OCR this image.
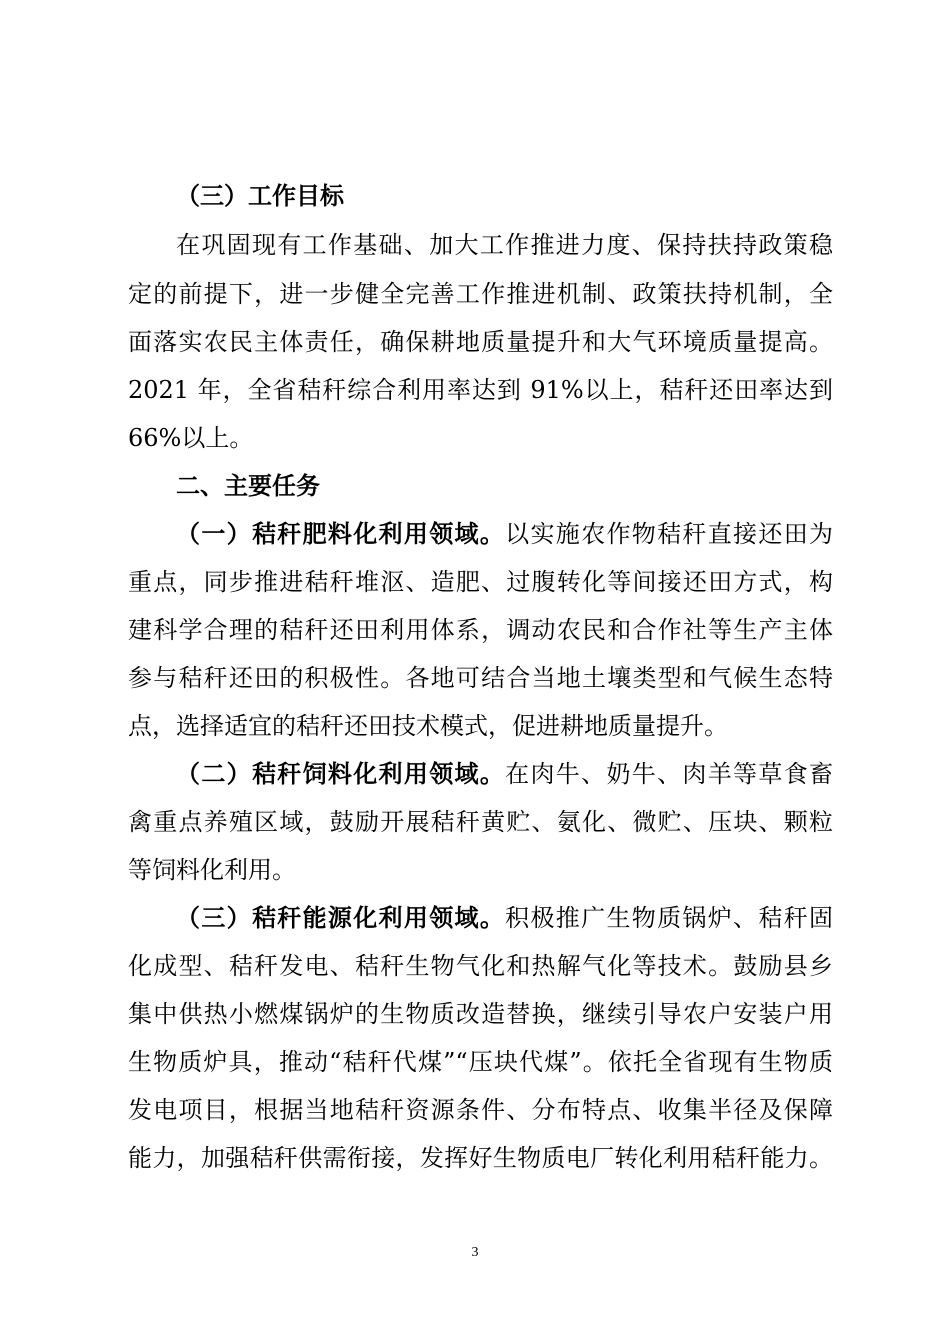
（三）工作目标
在巩固现有工作基础、加大工作推进力度、保持扶持政策稳
定的前提下，进一步健全完善工作推进机制、政策扶持机制，全
面落实农民主体责任，确保耕地质量提升和大气环境质量提高。
2021 年，全省秸秆综合利用率达到 91%以上，秸秆还田率达到
66%以上。
二、主要任务
（一）秸秆肥料化利用领域。以实施农作物秸秆直接还田为
重点，同步推进秸秆堆沤、造肥、过腹转化等间接还田方式，构
建科学合理的秸秆还田利用体系，调动农民和合作社等生产主体
参与秸秆还田的积极性。各地可结合当地土壤类型和气候生态特
点，选择适宜的秸秆还田技术模式，促进耕地质量提升。
（二）秸秆饲料化利用领域。在肉牛、奶牛、肉羊等草食畜
禽重点养殖区域，鼓励开展秸秆黄贮、氨化、微贮、压块、颗粒
等饲料化利用。
（三）秸秆能源化利用领域。积极推广生物质锅炉、秸秆固
化成型、秸秆发电、秸秆生物气化和热解气化等技术。鼓励县乡
集中供热小燃煤锅炉的生物质改造替换，继续引导农户安装户用
生物质炉具，推动“秸秆代煤”“压块代煤”。依托全省现有生物质
发电项目，根据当地秸秆资源条件、分布特点、收集半径及保障
能力，加强秸秆供需衔接，发挥好生物质电厂转化利用秸秆能力。
3
